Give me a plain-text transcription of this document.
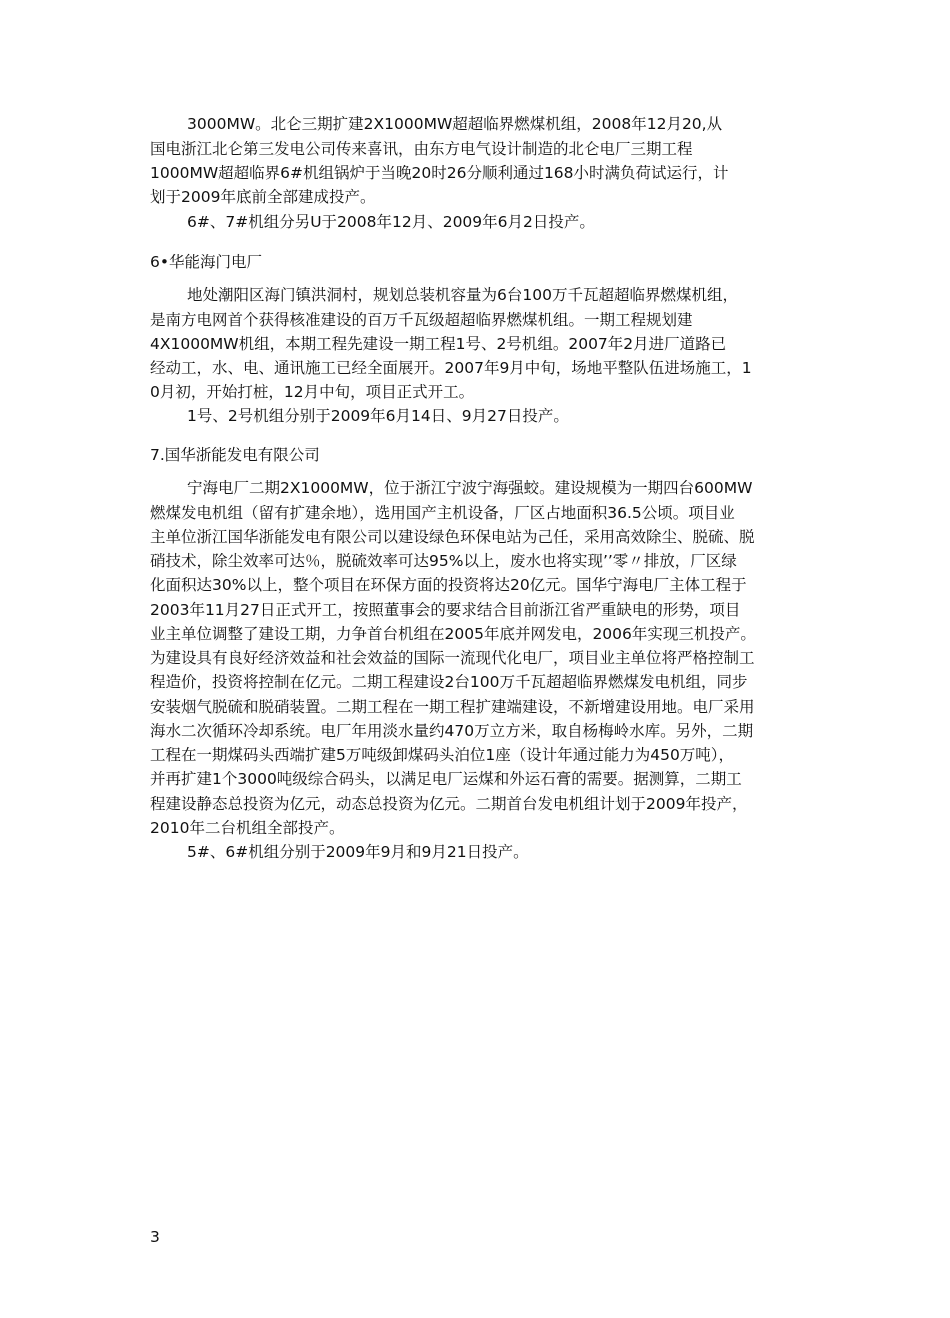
3000MW。北仑三期扩建2X1000MW超超临界燃煤机组，2008年12月20,从
国电浙江北仑第三发电公司传来喜讯，由东方电气设计制造的北仑电厂三期工程
1000MW超超临界6#机组锅炉于当晚20时26分顺利通过168小时满负荷试运行，计
划于2009年底前全部建成投产。
6#、7#机组分另U于2008年12月、2009年6月2日投产。
6•华能海门电厂
地处潮阳区海门镇洪洞村，规划总装机容量为6台100万千瓦超超临界燃煤机组，
是南方电网首个获得核准建设的百万千瓦级超超临界燃煤机组。一期工程规划建
4X1000MW机组，本期工程先建设一期工程1号、2号机组。2007年2月进厂道路已
经动工，水、电、通讯施工已经全面展开。2007年9月中旬，场地平整队伍进场施工，1
0月初，开始打桩，12月中旬，项目正式开工。
1号、2号机组分别于2009年6月14日、9月27日投产。
7.国华浙能发电有限公司
宁海电厂二期2X1000MW，位于浙江宁波宁海强蛟。建设规模为一期四台600MW
燃煤发电机组（留有扩建余地），选用国产主机设备，厂区占地面积36.5公顷。项目业
主单位浙江国华浙能发电有限公司以建设绿色环保电站为己任，采用高效除尘、脱硫、脱
硝技术，除尘效率可达％，脱硫效率可达95%以上，废水也将实现’’零〃排放，厂区绿
化面积达30%以上，整个项目在环保方面的投资将达20亿元。国华宁海电厂主体工程于
2003年11月27日正式开工，按照董事会的要求结合目前浙江省严重缺电的形势，项目
业主单位调整了建设工期，力争首台机组在2005年底并网发电，2006年实现三机投产。
为建设具有良好经济效益和社会效益的国际一流现代化电厂，项目业主单位将严格控制工
程造价，投资将控制在亿元。二期工程建设2台100万千瓦超超临界燃煤发电机组，同步
安装烟气脱硫和脱硝装置。二期工程在一期工程扩建端建设，不新增建设用地。电厂采用
海水二次循环冷却系统。电厂年用淡水量约470万立方米，取自杨梅岭水库。另外，二期
工程在一期煤码头西端扩建5万吨级卸煤码头泊位1座（设计年通过能力为450万吨），
并再扩建1个3000吨级综合码头，以满足电厂运煤和外运石膏的需要。据测算，二期工
程建设静态总投资为亿元，动态总投资为亿元。二期首台发电机组计划于2009年投产，
2010年二台机组全部投产。
5#、6#机组分别于2009年9月和9月21日投产。
3
